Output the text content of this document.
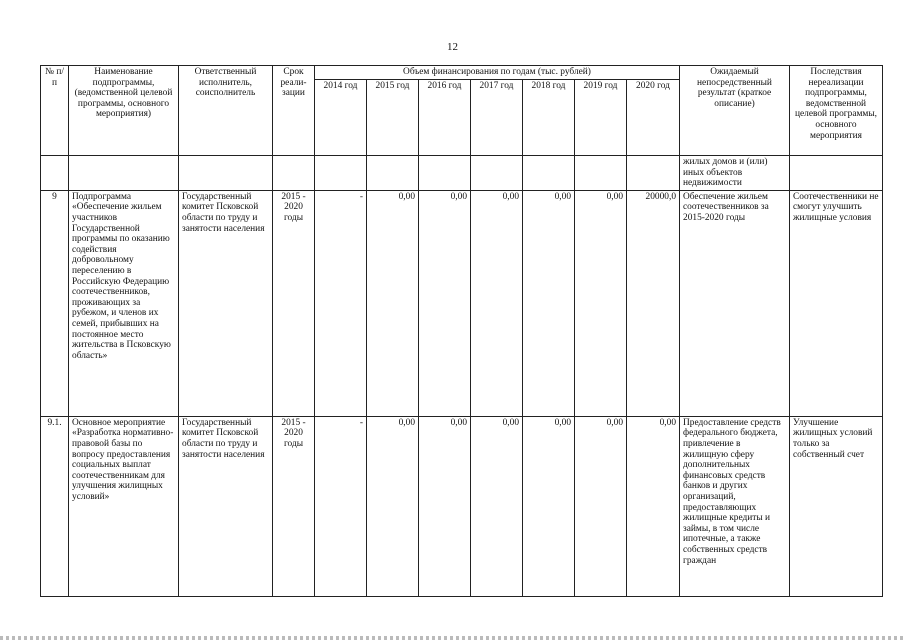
12
№ п/п	Наименование подпрограммы, (ведомственной целевой программы, основного мероприятия)	Ответственный исполнитель, соисполнитель	Срок реали-зации	Объем финансирования по годам (тыс. рублей)							Ожидаемый непосредственный результат (краткое описание)	Последствия нереализации подпрограммы, ведомственной целевой программы, основного мероприятия
				2014 год	2015 год	2016 год	2017 год	2018 год	2019 год	2020 год		
											жилых домов и (или) иных объектов недвижимости	
9	Подпрограмма «Обеспечение жильем участников Государственной программы по оказанию содействия добровольному переселению в Российскую Федерацию соотечественников, проживающих за рубежом, и членов их семей, прибывших на постоянное место жительства в Псковскую область»	Государственный комитет Псковской области по труду и занятости населения	2015 - 2020 годы	-	0,00	0,00	0,00	0,00	0,00	20000,0	Обеспечение жильем соотечественников за 2015-2020 годы	Соотечественники не смогут улучшить жилищные условия
9.1.	Основное мероприятие «Разработка нормативно-правовой базы по вопросу предоставления социальных выплат соотечественникам для улучшения жилищных условий»	Государственный комитет Псковской области по труду и занятости населения	2015 - 2020 годы	-	0,00	0,00	0,00	0,00	0,00	0,00	Предоставление средств федерального бюджета, привлечение в жилищную сферу дополнительных финансовых средств банков и других организаций, предоставляющих жилищные кредиты и займы, в том числе ипотечные, а также собственных средств граждан	Улучшение жилищных условий только за собственный счет
